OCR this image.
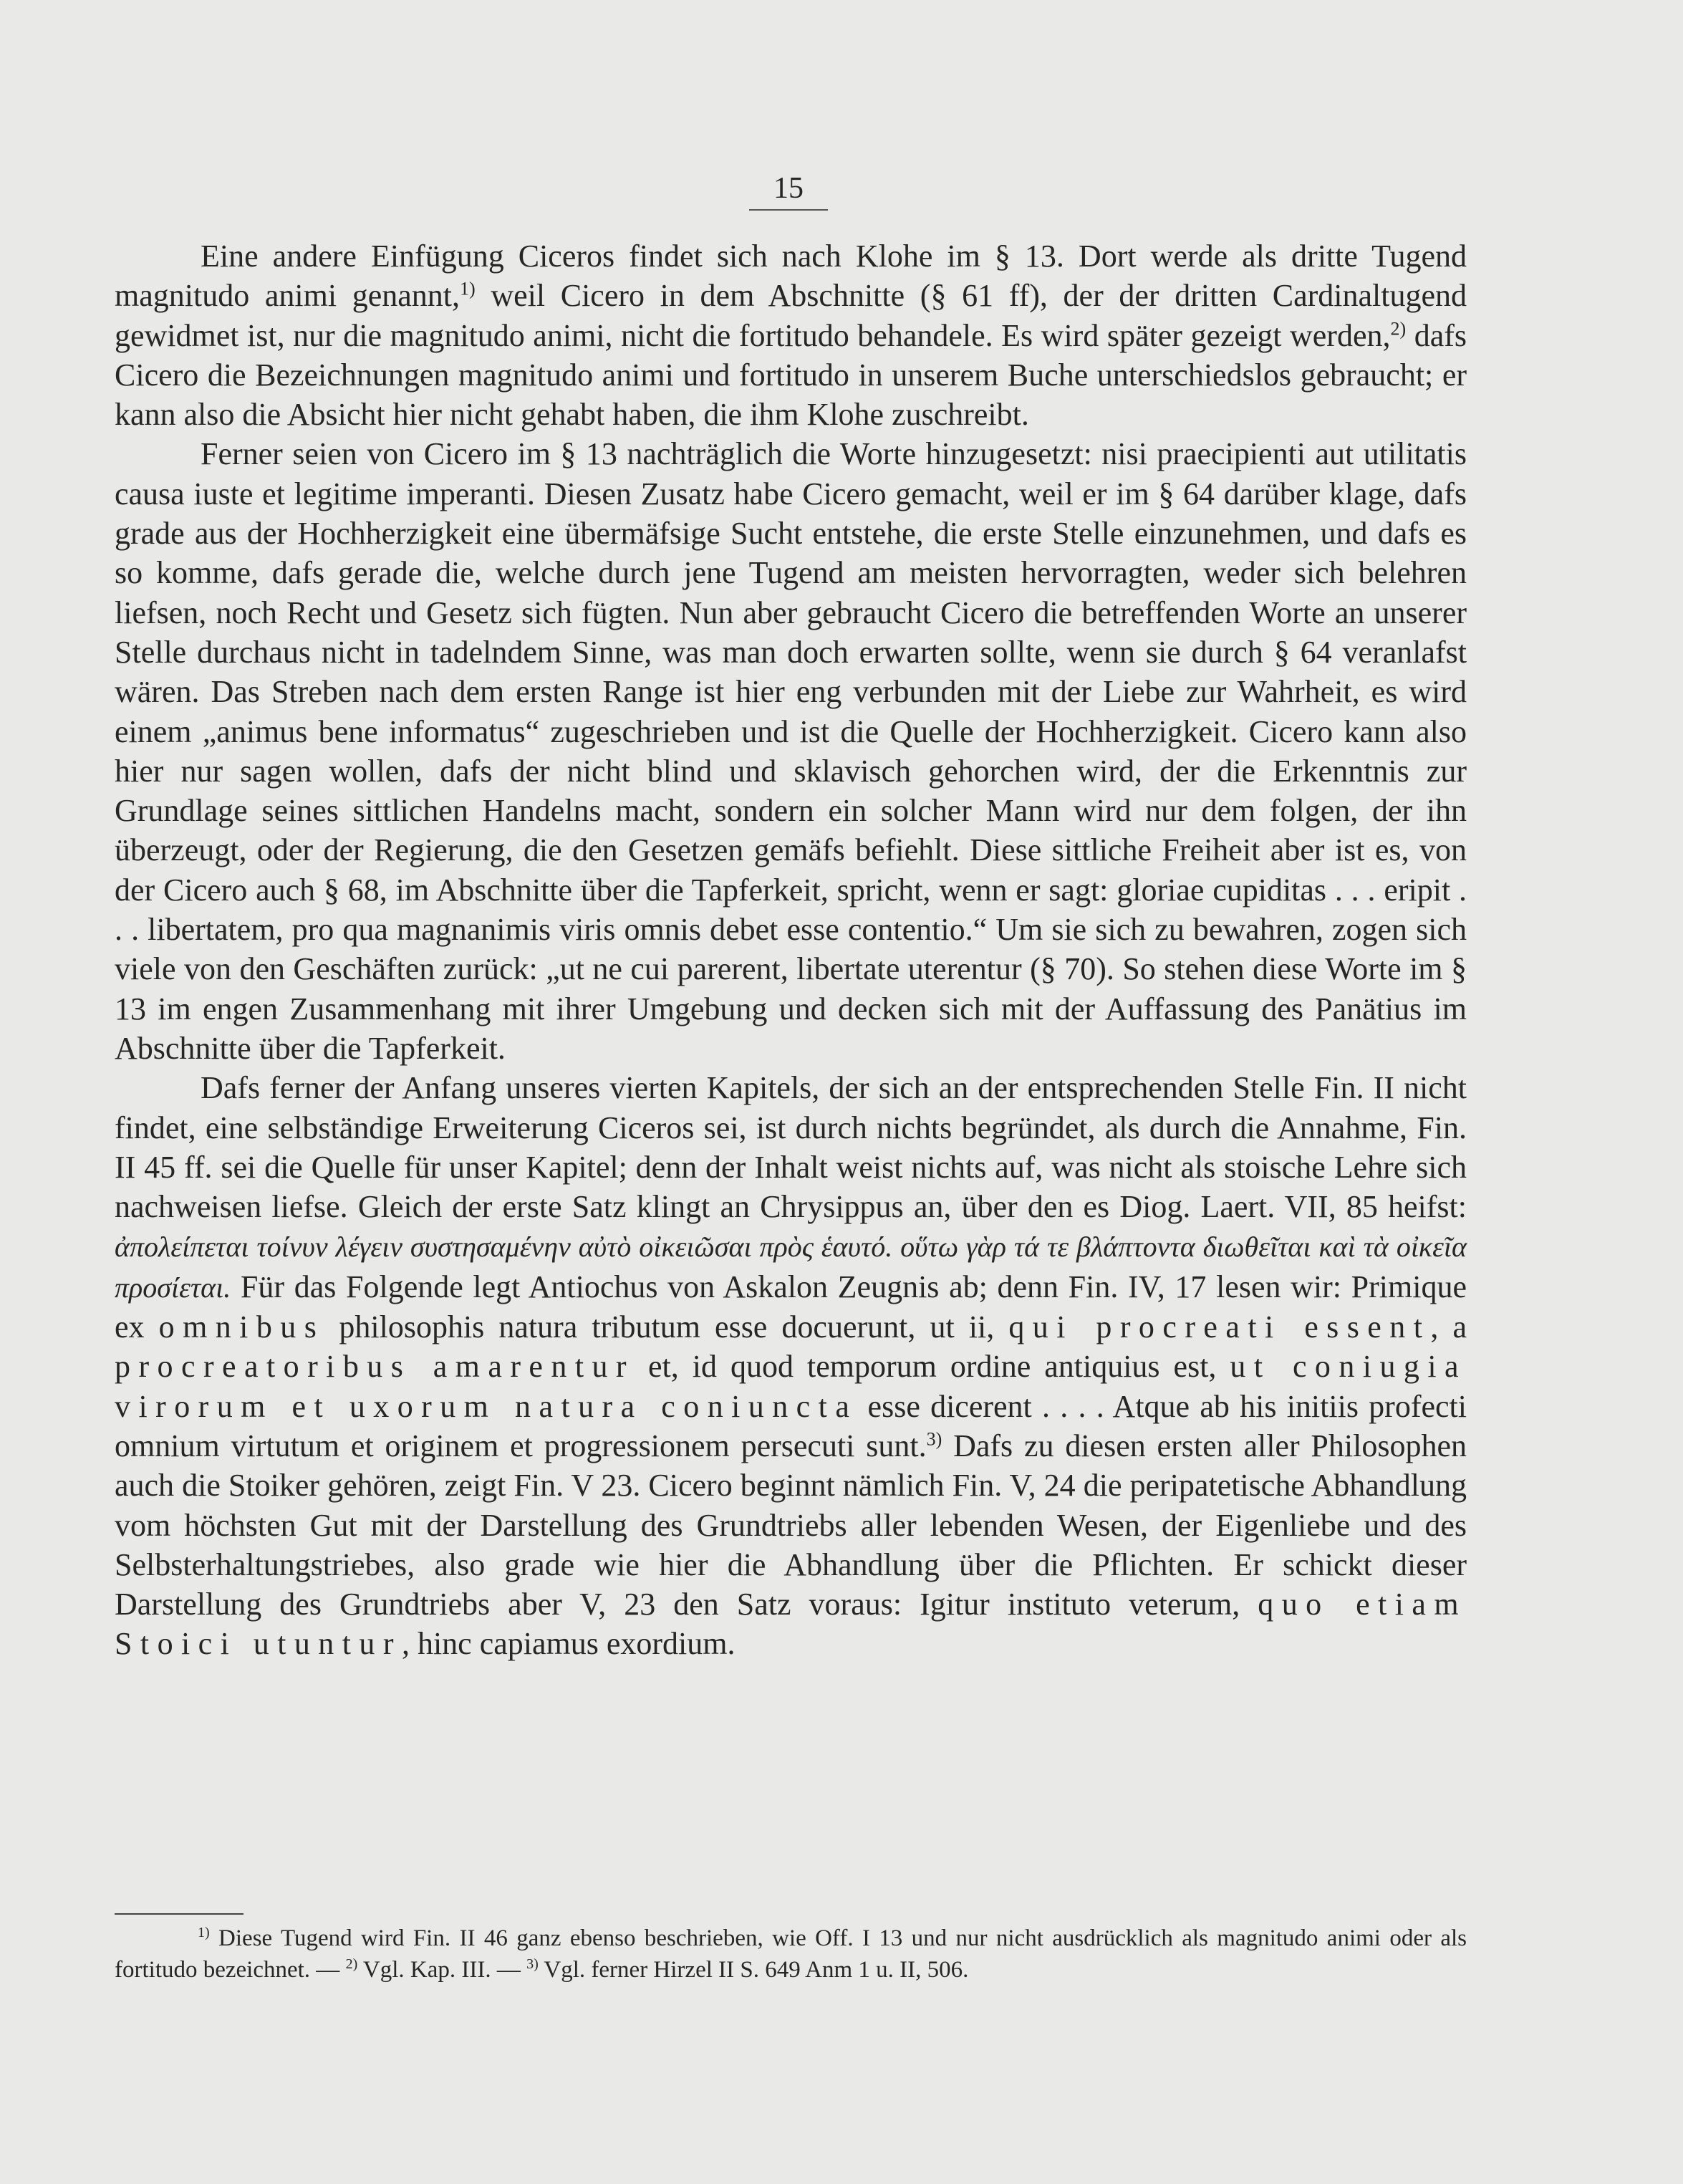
15

Eine andere Einfügung Ciceros findet sich nach Klohe im § 13. Dort werde als dritte Tugend magnitudo animi genannt,$^{1)}$ weil Cicero in dem Abschnitte (§ 61 ff), der der dritten Cardinaltugend gewidmet ist, nur die magnitudo animi, nicht die fortitudo behandele. Es wird später gezeigt werden,$^{2)}$ dafs Cicero die Bezeichnungen magnitudo animi und fortitudo in unserem Buche unterschiedslos gebraucht; er kann also die Absicht hier nicht gehabt haben, die ihm Klohe zuschreibt.

Ferner seien von Cicero im § 13 nachträglich die Worte hinzugesetzt: nisi praecipienti aut utilitatis causa iuste et legitime imperanti. Diesen Zusatz habe Cicero gemacht, weil er im § 64 darüber klage, dafs grade aus der Hochherzigkeit eine übermäfsige Sucht entstehe, die erste Stelle einzunehmen, und dafs es so komme, dafs gerade die, welche durch jene Tugend am meisten hervorragten, weder sich belehren liefsen, noch Recht und Gesetz sich fügten. Nun aber gebraucht Cicero die betreffenden Worte an unserer Stelle durchaus nicht in tadelndem Sinne, was man doch erwarten sollte, wenn sie durch § 64 veranlafst wären. Das Streben nach dem ersten Range ist hier eng verbunden mit der Liebe zur Wahrheit, es wird einem „animus bene informatus“ zugeschrieben und ist die Quelle der Hochherzigkeit. Cicero kann also hier nur sagen wollen, dafs der nicht blind und sklavisch gehorchen wird, der die Erkenntnis zur Grundlage seines sittlichen Handelns macht, sondern ein solcher Mann wird nur dem folgen, der ihn überzeugt, oder der Regierung, die den Gesetzen gemäfs befiehlt. Diese sittliche Freiheit aber ist es, von der Cicero auch § 68, im Abschnitte über die Tapferkeit, spricht, wenn er sagt: gloriae cupiditas . . . eripit . . . libertatem, pro qua magnanimis viris omnis debet esse contentio.“ Um sie sich zu bewahren, zogen sich viele von den Geschäften zurück: „ut ne cui parerent, libertate uterentur (§ 70). So stehen diese Worte im § 13 im engen Zusammenhang mit ihrer Umgebung und decken sich mit der Auffassung des Panätius im Abschnitte über die Tapferkeit.

Dafs ferner der Anfang unseres vierten Kapitels, der sich an der entsprechenden Stelle Fin. II nicht findet, eine selbständige Erweiterung Ciceros sei, ist durch nichts begründet, als durch die Annahme, Fin. II 45 ff. sei die Quelle für unser Kapitel; denn der Inhalt weist nichts auf, was nicht als stoische Lehre sich nachweisen liefse. Gleich der erste Satz klingt an Chrysippus an, über den es Diog. Laert. VII, 85 heifst: ἀπολείπεται τοίνυν λέγειν συστησαμένην αὐτὸ οἰκειῶσαι πρὸς ἑαυτό. οὕτω γὰρ τά τε βλάπτοντα διωθεῖται καὶ τὰ οἰκεῖα προσίεται. Für das Folgende legt Antiochus von Askalon Zeugnis ab; denn Fin. IV, 17 lesen wir: Primique ex omnibus philosophis natura tributum esse docuerunt, ut ii, qui procreati essent, a procreatoribus amarentur et, id quod temporum ordine antiquius est, ut coniugia virorum et uxorum natura coniuncta esse dicerent . . . . Atque ab his initiis profecti omnium virtutum et originem et progressionem persecuti sunt.$^{3)}$ Dafs zu diesen ersten aller Philosophen auch die Stoiker gehören, zeigt Fin. V 23. Cicero beginnt nämlich Fin. V, 24 die peripatetische Abhandlung vom höchsten Gut mit der Darstellung des Grundtriebs aller lebenden Wesen, der Eigenliebe und des Selbsterhaltungstriebes, also grade wie hier die Abhandlung über die Pflichten. Er schickt dieser Darstellung des Grundtriebs aber V, 23 den Satz voraus: Igitur instituto veterum, quo etiam Stoici utuntur, hinc capiamus exordium.

$^{1)}$ Diese Tugend wird Fin. II 46 ganz ebenso beschrieben, wie Off. I 13 und nur nicht ausdrücklich als magnitudo animi oder als fortitudo bezeichnet. — $^{2)}$ Vgl. Kap. III. — $^{3)}$ Vgl. ferner Hirzel II S. 649 Anm 1 u. II, 506.
